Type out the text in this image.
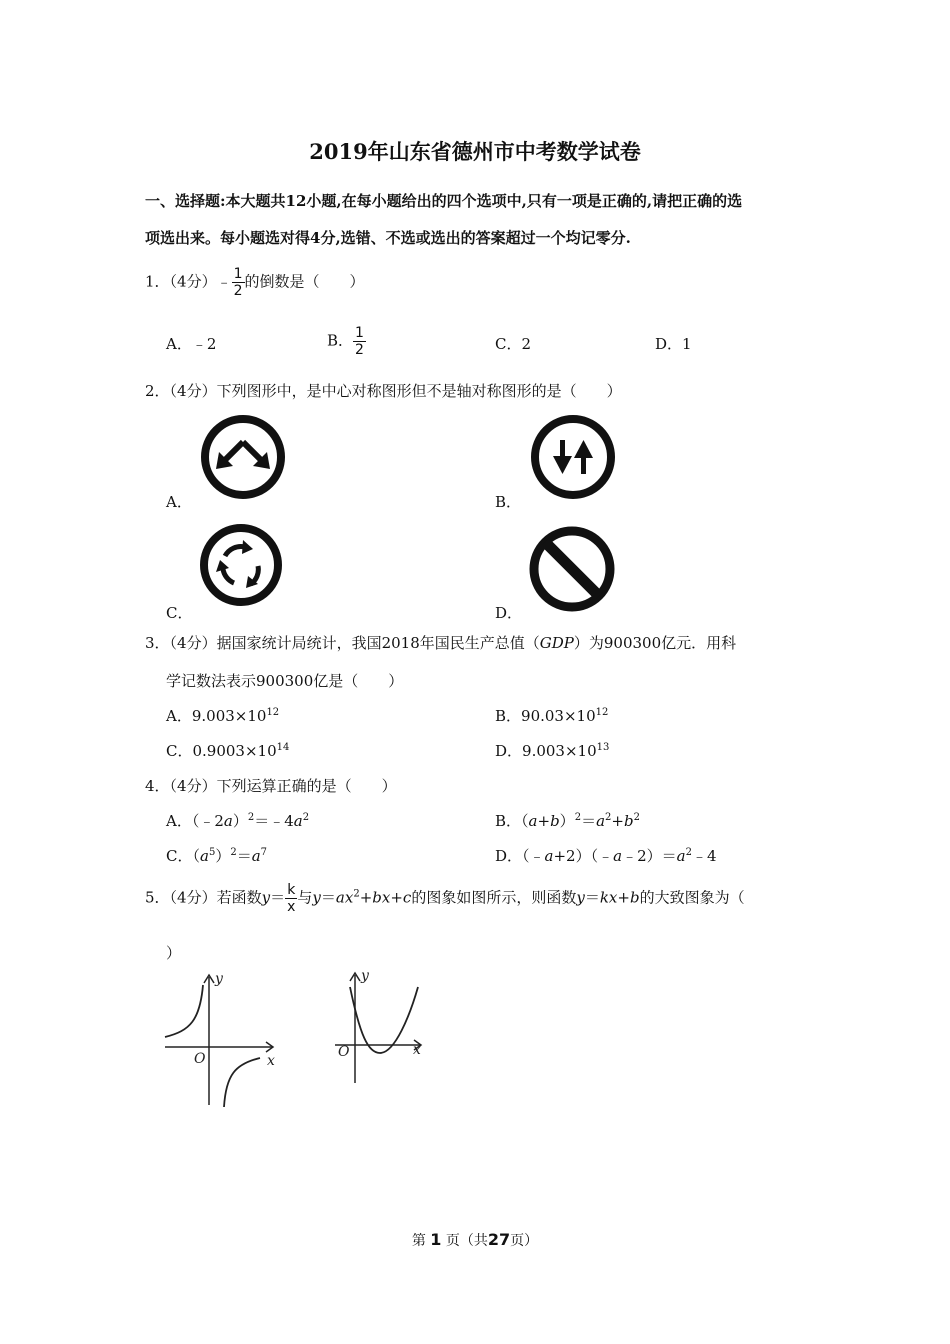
2019年山东省德州市中考数学试卷
一、选择题:本大题共12小题,在每小题给出的四个选项中,只有一项是正确的,请把正确的选
项选出来。每小题选对得4分,选错、不选或选出的答案超过一个均记零分.
1．（4分）﹣ $\frac{1}{2}$ 的倒数是（　　）
A．﹣2	B． $\frac{1}{2}$	C．2	D．1
2．（4分）下列图形中，是中心对称图形但不是轴对称图形的是（　　）
A．	B．
C．	D．
3．（4分）据国家统计局统计，我国2018年国民生产总值（GDP）为900300亿元．用科
学记数法表示900300亿是（　　）
A．$9.003\times 10^{12}$	B．$90.03\times 10^{12}$
C．$0.9003\times 10^{14}$	D．$9.003\times 10^{13}$
4．（4分）下列运算正确的是（　　）
A．$(﹣2a)^2=﹣4a^2$	B．$(a+b)^2=a^2+b^2$
C．$(a^5)^2=a^7$	D．$(﹣a+2)(﹣a﹣2)=a^2﹣4$
5．（4分）若函数$y= \frac{k}{x}$ 与$y=ax^2+bx+c$的图象如图所示，则函数y＝kx+b的大致图象为（
）
y
x
O
y
x
O
第 1 页（共27页）
